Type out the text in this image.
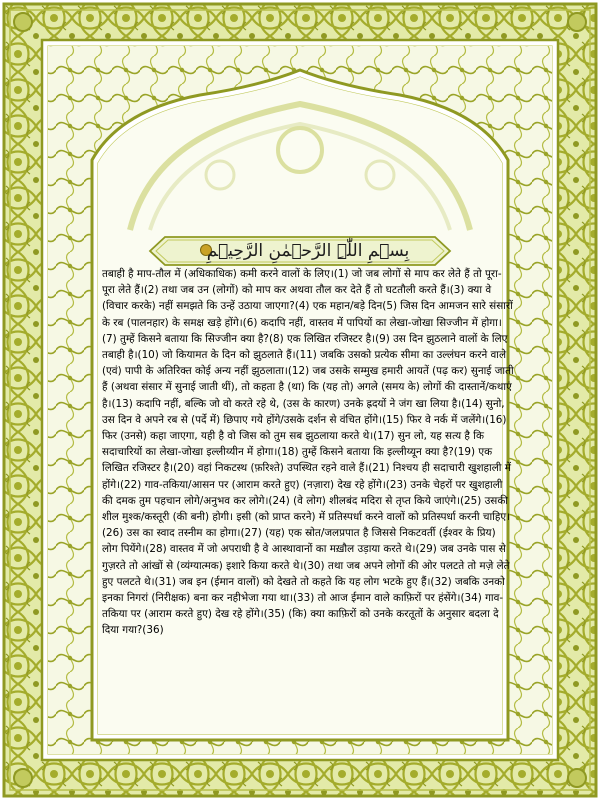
بِسۡمِ اللّٰہِ الرَّحۡمٰنِ الرَّحِیۡمِ

तबाही है माप-तौल में (अधिकाधिक) कमी करने वालों के लिए।(1) जो जब लोगों से माप कर लेते हैं तो पूरा-पूरा लेते हैं।(2) तथा जब उन (लोगों) को माप कर अथवा तौल कर देते हैं तो घटतौली करते हैं।(3) क्या वे (विचार करके) नहीं समझते कि उन्हें उठाया जाएगा?(4) एक महान/बड़े दिन(5) जिस दिन आमजन सारे संसारों के रब (पालनहार) के समक्ष खड़े होंगे।(6) कदापि नहीं, वास्तव में पापियों का लेखा-जोखा सिज्जीन में होगा।(7) तुम्हें किसने बताया कि सिज्जीन क्या है?(8) एक लिखित रजिस्टर है।(9) उस दिन झुठलाने वालों के लिए तबाही है।(10) जो कियामत के दिन को झुठलाते हैं।(11) जबकि उसको प्रत्येक सीमा का उल्लंघन करने वाले (एवं) पापी के अतिरिक्त कोई अन्य नहीं झुठलाता।(12) जब उसके सम्मुख हमारी आयतें (पढ़ कर) सुनाई जाती हैं (अथवा संसार में सुनाई जाती थीं), तो कहता है (था) कि (यह तो) अगले (समय के) लोगों की दास्तानें/कथाएं है।(13) कदापि नहीं, बल्कि जो वो करते रहे थे, (उस के कारण) उनके ह्रदयों ने जंग खा लिया है।(14) सुनो, उस दिन वे अपने रब से (पर्दे में) छिपाए गये होंगे/उसके दर्शन से वंचित होंगे।(15) फिर वे नर्क में जलेंगे।(16) फिर (उनसे) कहा जाएगा, यही है वो जिस को तुम सब झुठलाया करते थे।(17) सुन लो, यह सत्य है कि सदाचारियों का लेखा-जोखा इल्लीय्यीन में होगा।(18) तुम्हें किसने बताया कि इल्लीय्यून क्या है?(19) एक लिखित रजिस्टर है।(20) वहां निकटस्थ (फ़रिश्ते) उपस्थित रहने वाले हैं।(21) निश्चय ही सदाचारी खुशहाली में होंगे।(22) गाव-तकिया/आसन पर (आराम करते हुए) (नज़ारा) देख रहे होंगे।(23) उनके चेहरों पर खुशहाली की दमक तुम पहचान लोगे/अनुभव कर लोगे।(24) (वे लोग) शीलबंद मदिरा से तृप्त किये जाएंगे।(25) उसकी शील मुश्क/कस्तूरी (की बनी) होगी। इसी (को प्राप्त करने) में प्रतिस्पर्धा करने वालों को प्रतिस्पर्धा करनी चाहिए।(26) उस का स्वाद तस्नीम का होगा।(27) (यह) एक स्रोत/जलप्रपात है जिससे निकटवर्ती (ईश्वर के प्रिय) लोग पियेंगे।(28) वास्तव में जो अपराधी है वे आस्थावानों का मख़ौल उड़ाया करते थे।(29) जब उनके पास से गुज़रते तो आंखों से (व्यंग्यात्मक) इशारे किया करते थे।(30) तथा जब अपने लोगों की ओर पलटते तो मज़े लेते हुए पलटते थे।(31) जब इन (ईमान वालों) को देखते तो कहते कि यह लोग भटके हुए हैं।(32) जबकि उनको इनका निगरां (निरीक्षक) बना कर नहीभेजा गया था।(33) तो आज ईमान वाले काफ़िरों पर हंसेंगे।(34) गाव-तकिया पर (आराम करते हुए) देख रहे होंगे।(35) (कि) क्या काफ़िरों को उनके करतूतों के अनुसार बदला दे दिया गया?(36)
